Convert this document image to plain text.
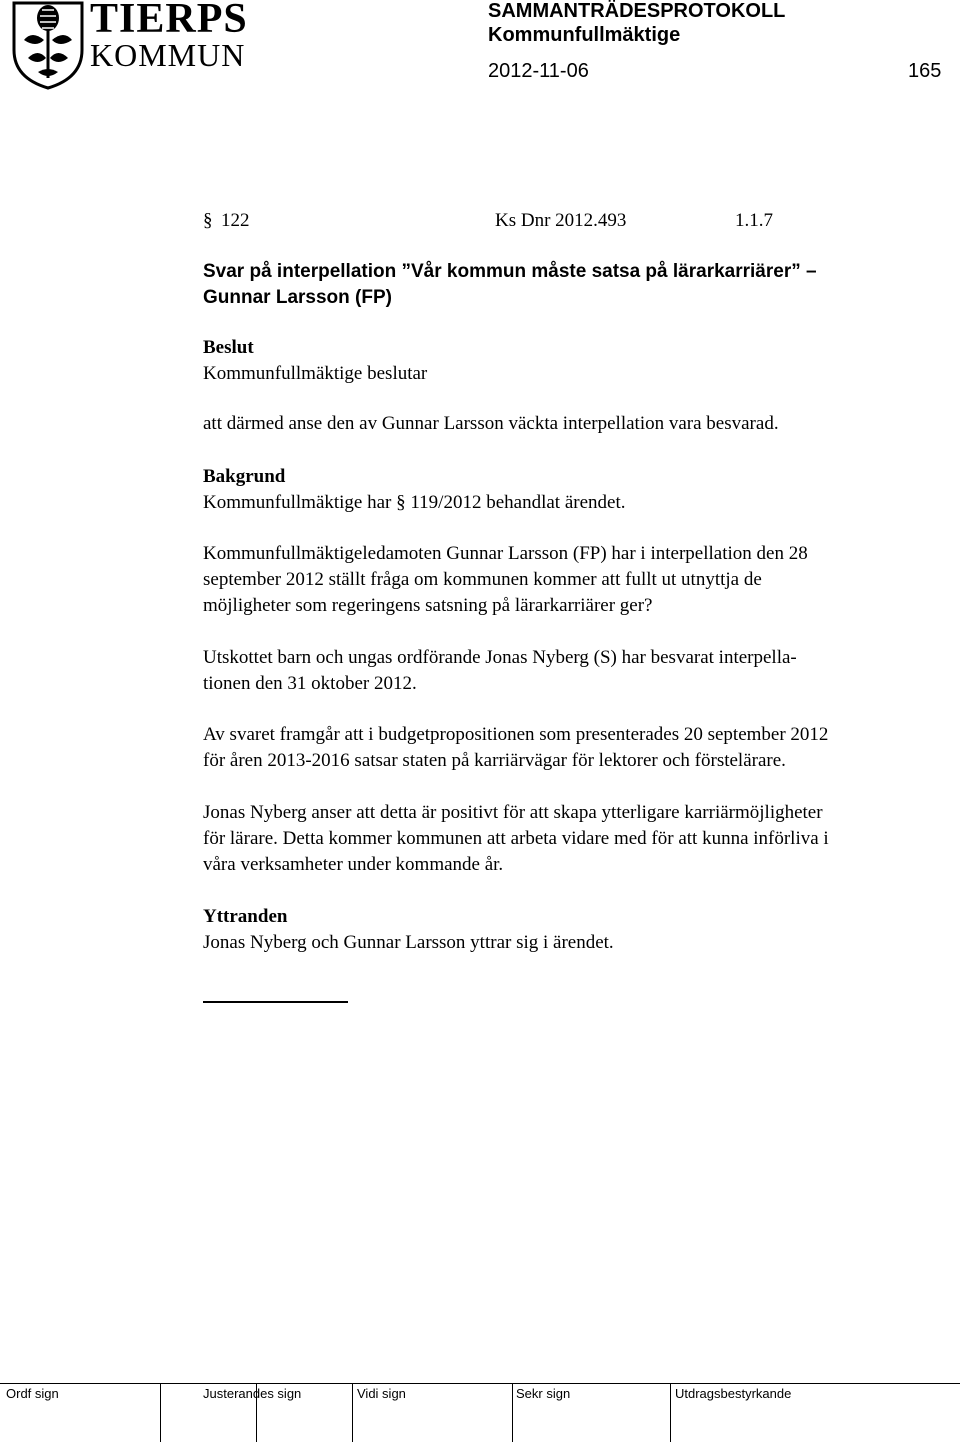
TIERPS
KOMMUN
SAMMANTRÄDESPROTOKOLL
Kommunfullmäktige
2012-11-06	165
§ 122	Ks Dnr 2012.493	1.1.7
Svar på interpellation ”Vår kommun måste satsa på lärarkarriärer” –
Gunnar Larsson (FP)
Beslut
Kommunfullmäktige beslutar
att därmed anse den av Gunnar Larsson väckta interpellation vara besvarad.
Bakgrund
Kommunfullmäktige har § 119/2012 behandlat ärendet.
Kommunfullmäktigeledamoten Gunnar Larsson (FP) har i interpellation den 28
september 2012 ställt fråga om kommunen kommer att fullt ut utnyttja de
möjligheter som regeringens satsning på lärarkarriärer ger?
Utskottet barn och ungas ordförande Jonas Nyberg (S) har besvarat interpella-
tionen den 31 oktober 2012.
Av svaret framgår att i budgetpropositionen som presenterades 20 september 2012
för åren 2013-2016 satsar staten på karriärvägar för lektorer och förstelärare.
Jonas Nyberg anser att detta är positivt för att skapa ytterligare karriärmöjligheter
för lärare. Detta kommer kommunen att arbeta vidare med för att kunna införliva i
våra verksamheter under kommande år.
Yttranden
Jonas Nyberg och Gunnar Larsson yttrar sig i ärendet.
Ordf sign	Justerandes sign	Vidi sign	Sekr sign	Utdragsbestyrkande
